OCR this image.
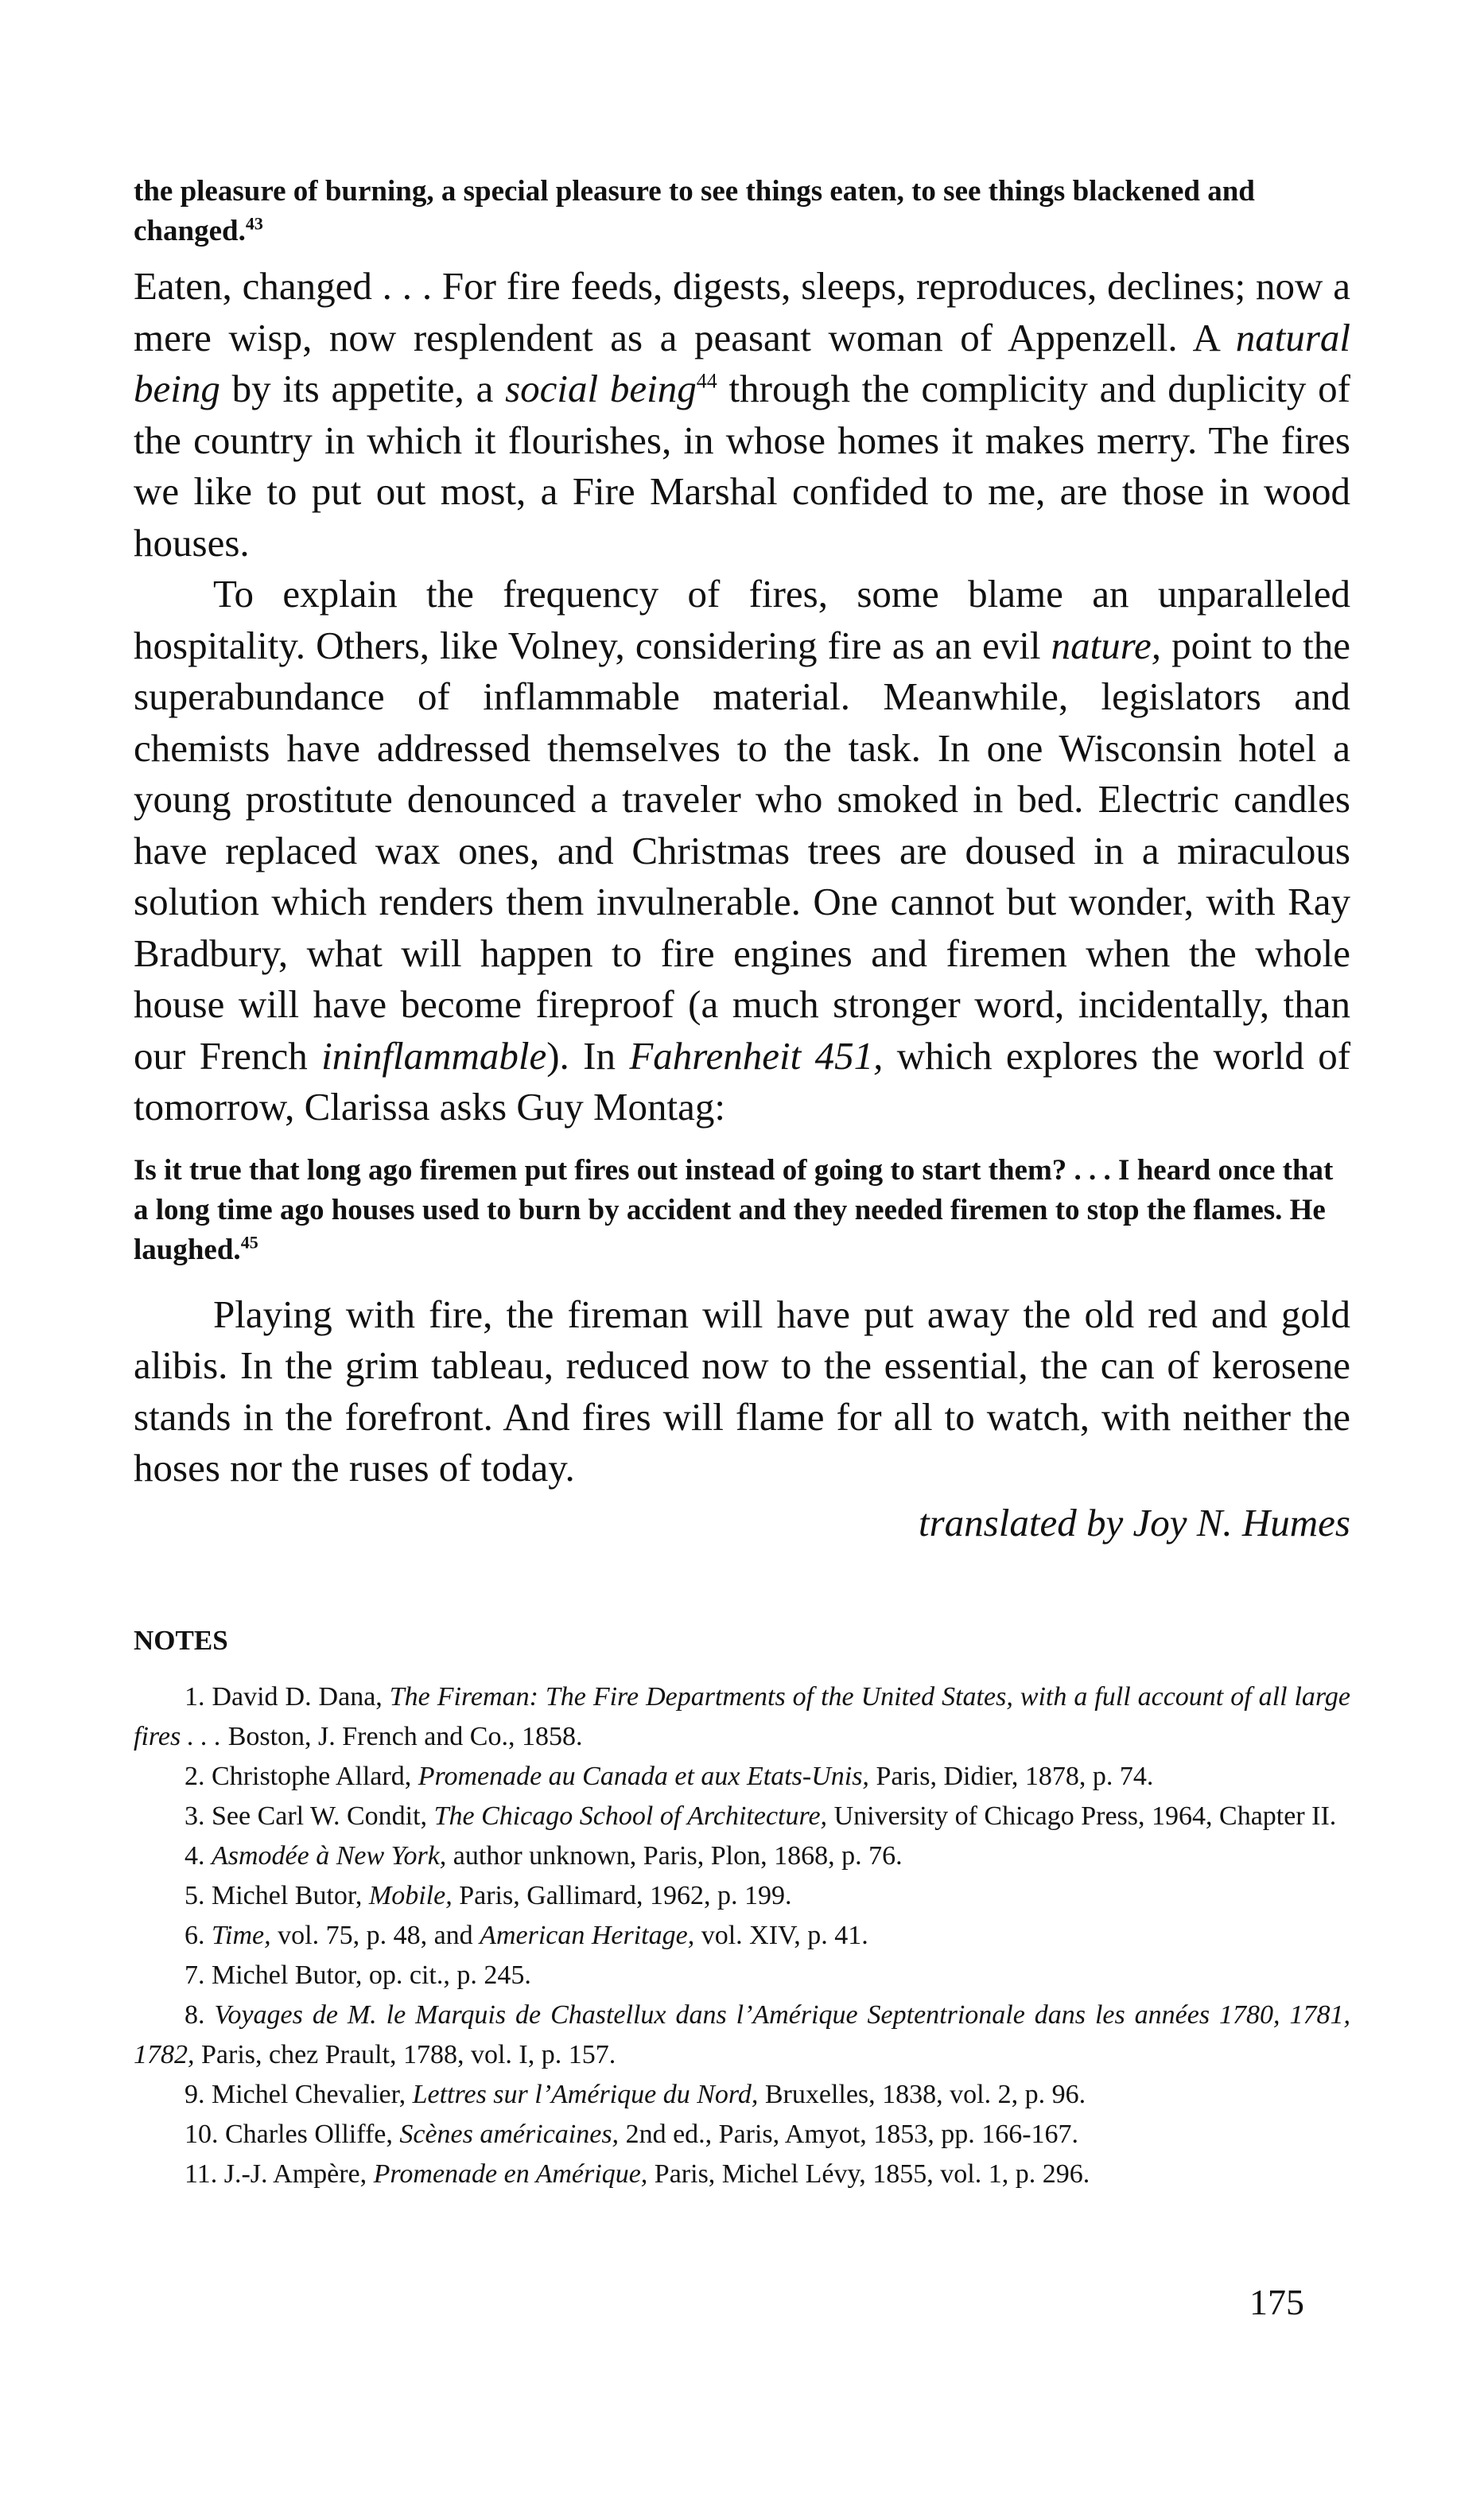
the pleasure of burning, a special pleasure to see things eaten, to see things blackened and changed.$^{43}$

Eaten, changed . . . For fire feeds, digests, sleeps, reproduces, declines; now a mere wisp, now resplendent as a peasant woman of Appenzell. A natural being by its appetite, a social being$^{44}$ through the complicity and duplicity of the country in which it flourishes, in whose homes it makes merry. The fires we like to put out most, a Fire Marshal confided to me, are those in wood houses.

To explain the frequency of fires, some blame an unparalleled hospitality. Others, like Volney, considering fire as an evil nature, point to the superabundance of inflammable material. Meanwhile, legislators and chemists have addressed themselves to the task. In one Wisconsin hotel a young prostitute denounced a traveler who smoked in bed. Electric candles have replaced wax ones, and Christmas trees are doused in a miraculous solution which renders them invulnerable. One cannot but wonder, with Ray Bradbury, what will happen to fire engines and firemen when the whole house will have become fireproof (a much stronger word, incidentally, than our French ininflammable). In Fahrenheit 451, which explores the world of tomorrow, Clarissa asks Guy Montag:

Is it true that long ago firemen put fires out instead of going to start them? . . . I heard once that a long time ago houses used to burn by accident and they needed firemen to stop the flames. He laughed.$^{45}$

Playing with fire, the fireman will have put away the old red and gold alibis. In the grim tableau, reduced now to the essential, the can of kerosene stands in the forefront. And fires will flame for all to watch, with neither the hoses nor the ruses of today.

translated by Joy N. Humes

NOTES
1. David D. Dana, The Fireman: The Fire Departments of the United States, with a full account of all large fires . . . Boston, J. French and Co., 1858.
2. Christophe Allard, Promenade au Canada et aux Etats-Unis, Paris, Didier, 1878, p. 74.
3. See Carl W. Condit, The Chicago School of Architecture, University of Chicago Press, 1964, Chapter II.
4. Asmodée à New York, author unknown, Paris, Plon, 1868, p. 76.
5. Michel Butor, Mobile, Paris, Gallimard, 1962, p. 199.
6. Time, vol. 75, p. 48, and American Heritage, vol. XIV, p. 41.
7. Michel Butor, op. cit., p. 245.
8. Voyages de M. le Marquis de Chastellux dans l’Amérique Septentrionale dans les années 1780, 1781, 1782, Paris, chez Prault, 1788, vol. I, p. 157.
9. Michel Chevalier, Lettres sur l’Amérique du Nord, Bruxelles, 1838, vol. 2, p. 96.
10. Charles Olliffe, Scènes américaines, 2nd ed., Paris, Amyot, 1853, pp. 166-167.
11. J.-J. Ampère, Promenade en Amérique, Paris, Michel Lévy, 1855, vol. 1, p. 296.
175
